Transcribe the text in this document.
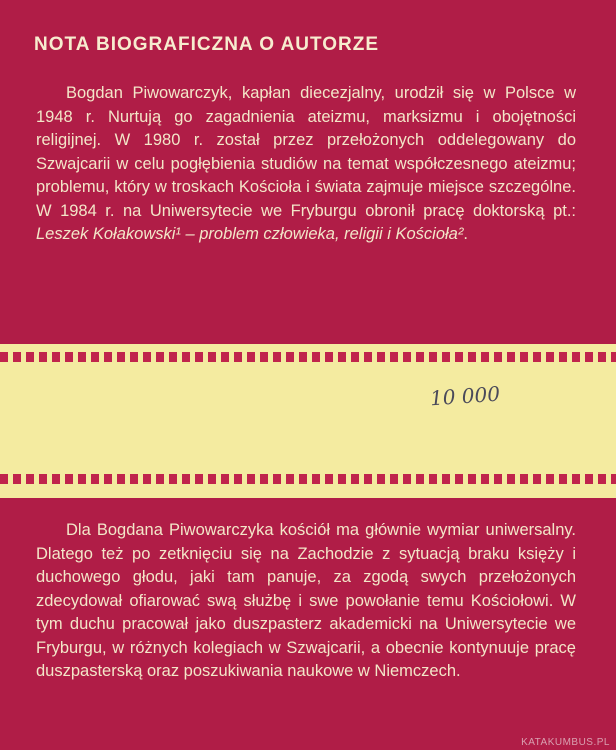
NOTA BIOGRAFICZNA O AUTORZE
Bogdan Piwowarczyk, kapłan diecezjalny, urodził się w Polsce w 1948 r. Nurtują go zagadnienia ateizmu, marksizmu i obojętności religijnej. W 1980 r. został przez przełożonych oddelegowany do Szwajcarii w celu pogłębienia studiów na temat współczesnego ateizmu; problemu, który w troskach Kościoła i świata zajmuje miejsce szczególne. W 1984 r. na Uniwersytecie we Fryburgu obronił pracę doktorską pt.: Leszek Kołakowski¹ – problem człowieka, religii i Kościoła².
10 000
Dla Bogdana Piwowarczyka kościół ma głównie wymiar uniwersalny. Dlatego też po zetknięciu się na Zachodzie z sytuacją braku księży i duchowego głodu, jaki tam panuje, za zgodą swych przełożonych zdecydował ofiarować swą służbę i swe powołanie temu Kościołowi. W tym duchu pracował jako duszpasterz akademicki na Uniwersytecie we Fryburgu, w różnych kolegiach w Szwajcarii, a obecnie kontynuuje pracę duszpasterską oraz poszukiwania naukowe w Niemczech.
KATAKUMBUS.PL
